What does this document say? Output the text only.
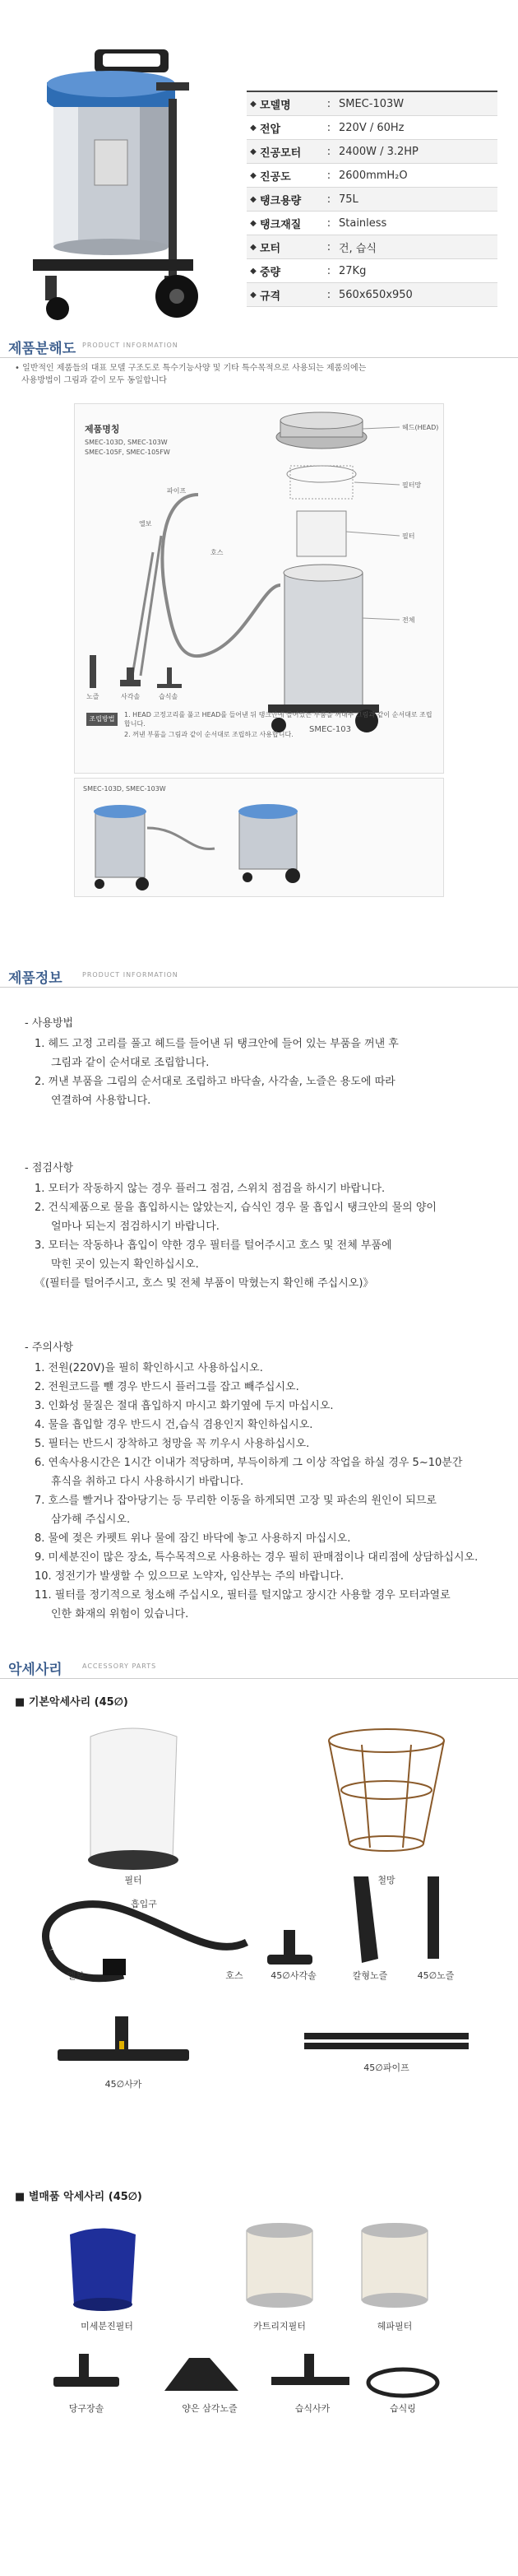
◆ 모델명	: SMEC-103W
◆ 전압	: 220V / 60Hz
◆ 진공모터	: 2400W / 3.2HP
◆ 진공도	: 2600mmH₂O
◆ 탱크용량	: 75L
◆ 탱크재질	: Stainless
◆ 모터	: 건, 습식
◆ 중량	: 27Kg
◆ 규격	: 560x650x950
제품분해도 PRODUCT INFORMATION
• 일반적인 제품들의 대표 모델 구조도로 특수기능사양 및 기타 특수목적으로 사용되는 제품의에는
사용방법이 그림과 같이 모두 동일합니다
제품명칭
SMEC-103D, SMEC-103W
SMEC-105F, SMEC-105FW
헤드(HEAD)
필터망
필터
전체
호스
파이프
엘보
노즐	사각솔	습식솔
SMEC-103
조립방법
1. HEAD 고정고리를 풀고 HEAD를 들어낸 뒤 탱크안에 들어있는 부품을 꺼내주 그림과 같이 순서대로 조립합니다.
2. 꺼낸 부품을 그림과 같이 순서대로 조립하고 사용합니다.
SMEC-103D, SMEC-103W
제품정보	PRODUCT INFORMATION
- 사용방법
1. 헤드 고정 고리를 풀고 헤드를 들어낸 뒤 탱크안에 들어 있는 부품을 꺼낸 후
그림과 같이 순서대로 조립합니다.
2. 꺼낸 부품을 그림의 순서대로 조립하고 바닥솔, 사각솔, 노즐은 용도에 따라
연결하여 사용합니다.
- 점검사항
1. 모터가 작동하지 않는 경우 플러그 점검, 스위치 점검을 하시기 바랍니다.
2. 건식제품으로 물을 흡입하시는 않았는지, 습식인 경우 물 흡입시 탱크안의 물의 양이
얼마나 되는지 점검하시기 바랍니다.
3. 모터는 작동하나 흡입이 약한 경우 필터를 털어주시고 호스 및 전체 부품에
막힌 곳이 있는지 확인하십시오.
《(필터를 털어주시고, 호스 및 전체 부품이 막혔는지 확인해 주십시오)》
- 주의사항
1. 전원(220V)을 필히 확인하시고 사용하십시오.
2. 전원코드를 뺄 경우 반드시 플러그를 잡고 빼주십시오.
3. 인화성 물질은 절대 흡입하지 마시고 화기옆에 두지 마십시오.
4. 물을 흡입할 경우 반드시 건,습식 겸용인지 확인하십시오.
5. 필터는 반드시 장착하고 청망을 꼭 끼우시 사용하십시오.
6. 연속사용시간은 1시간 이내가 적당하며, 부득이하게 그 이상 작업을 하실 경우 5~10분간
휴식을 취하고 다시 사용하시기 바랍니다.
7. 호스를 빨거나 잡아당기는 등 무리한 이동을 하게되면 고장 및 파손의 원인이 되므로
삼가해 주십시오.
8. 물에 젖은 카펫트 위나 물에 잠긴 바닥에 놓고 사용하지 마십시오.
9. 미세분진이 많은 장소, 특수목적으로 사용하는 경우 필히 판매점이나 대리점에 상담하십시오.
10. 정전기가 발생할 수 있으므로 노약자, 임산부는 주의 바랍니다.
11. 필터를 정기적으로 청소해 주십시오, 필터를 털지않고 장시간 사용할 경우 모터과열로
인한 화재의 위험이 있습니다.
악세사리	ACCESSORY PARTS
■ 기본악세사리 (45∅)
필터	철망
흡입구
엘보	호스	45∅사각솔	칼형노즐	45∅노즐
45∅사카
45∅파이프
■ 별매품 악세사리 (45∅)
미세분진필터	카트리지필터	헤파필터
당구장솔	양은 삼각노즐	습식사카	습식링
